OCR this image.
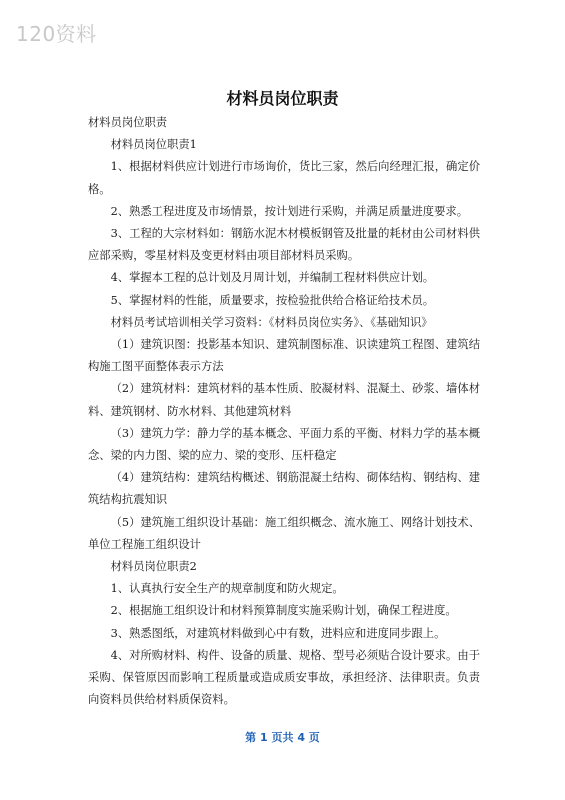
120资料
材料员岗位职责

材料员岗位职责

材料员岗位职责1

1、根据材料供应计划进行市场询价，货比三家，然后向经理汇报，确定价格。

2、熟悉工程进度及市场情景，按计划进行采购，并满足质量进度要求。

3、工程的大宗材料如：钢筋水泥木材模板钢管及批量的耗材由公司材料供应部采购，零星材料及变更材料由项目部材料员采购。

4、掌握本工程的总计划及月周计划，并编制工程材料供应计划。

5、掌握材料的性能，质量要求，按检验批供给合格证给技术员。

材料员考试培训相关学习资料：《材料员岗位实务》、《基础知识》

（1）建筑识图：投影基本知识、建筑制图标准、识读建筑工程图、建筑结构施工图平面整体表示方法

（2）建筑材料：建筑材料的基本性质、胶凝材料、混凝土、砂浆、墙体材料、建筑钢材、防水材料、其他建筑材料

（3）建筑力学：静力学的基本概念、平面力系的平衡、材料力学的基本概念、梁的内力图、梁的应力、梁的变形、压杆稳定

（4）建筑结构：建筑结构概述、钢筋混凝土结构、砌体结构、钢结构、建筑结构抗震知识

（5）建筑施工组织设计基础：施工组织概念、流水施工、网络计划技术、单位工程施工组织设计

材料员岗位职责2

1、认真执行安全生产的规章制度和防火规定。

2、根据施工组织设计和材料预算制度实施采购计划，确保工程进度。

3、熟悉图纸，对建筑材料做到心中有数，进料应和进度同步跟上。

4、对所购材料、构件、设备的质量、规格、型号必须贴合设计要求。由于采购、保管原因而影响工程质量或造成质安事故，承担经济、法律职责。负责向资料员供给材料质保资料。

第 1 页共 4 页
